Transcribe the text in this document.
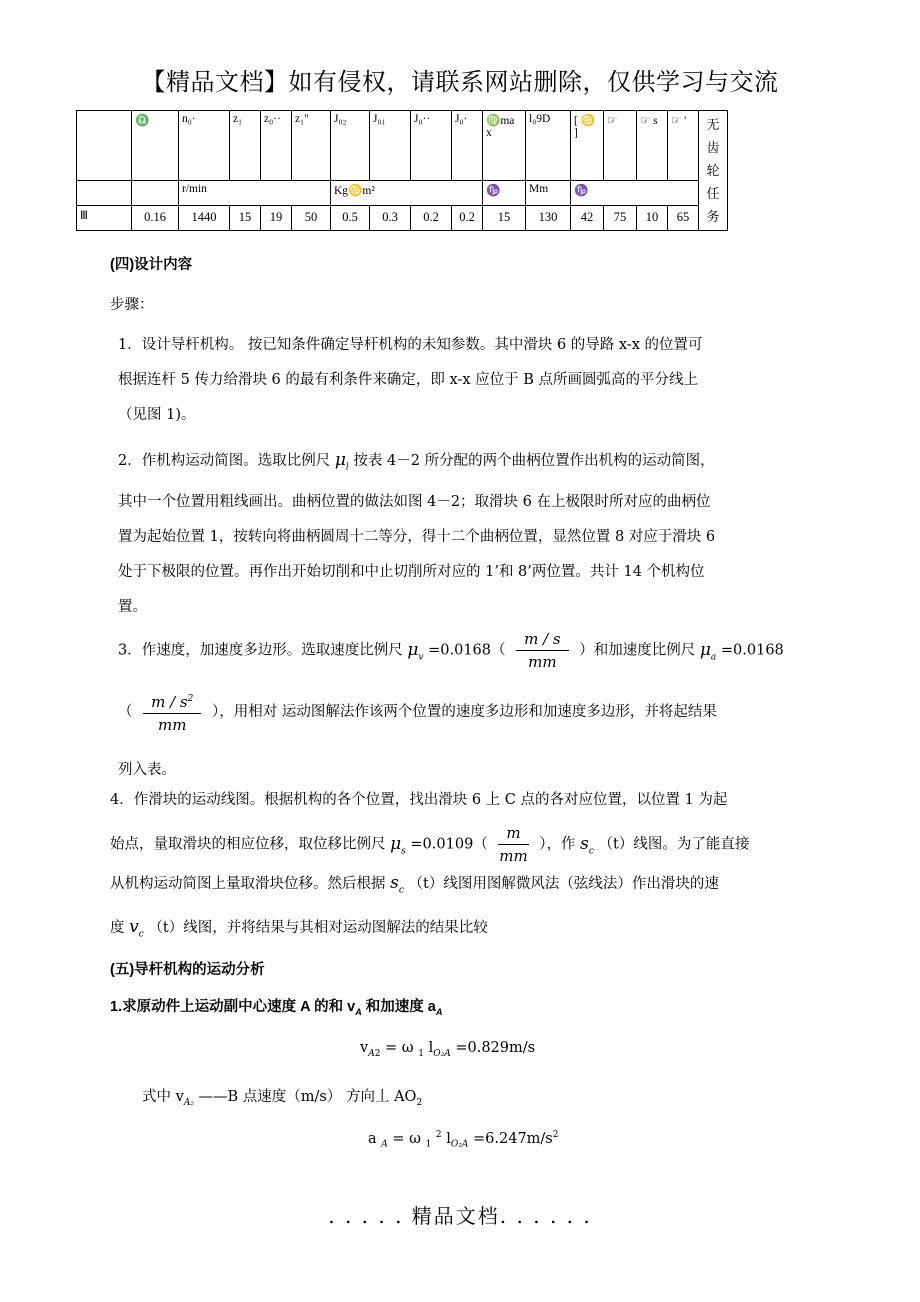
【精品文档】如有侵权，请联系网站删除，仅供学习与交流
	♎	n₀·	z₁	z₀··	z₁"	J₀₂	J₀₁	J₀··	J₀·	♍ma x	l₀9D	[ ♋ ]	☞	☞ s	☞ '	无齿轮任务
		r/min				Kg♋m²				♑	Mm	♑				
Ⅲ	0.16	1440	15	19	50	0.5	0.3	0.2	0.2	15	130	42	75	10	65	
(四)设计内容
步骤：
1．设计导杆机构。 按已知条件确定导杆机构的未知参数。其中滑块 6 的导路 x-x 的位置可
根据连杆 5 传力给滑块 6 的最有利条件来确定，即 x-x 应位于 B 点所画圆弧高的平分线上
（见图 1)。
2．作机构运动简图。选取比例尺 $\mu_l$ 按表 4－2 所分配的两个曲柄位置作出机构的运动简图，
其中一个位置用粗线画出。曲柄位置的做法如图 4－2；取滑块 6 在上极限时所对应的曲柄位
置为起始位置 1，按转向将曲柄圆周十二等分，得十二个曲柄位置，显然位置 8 对应于滑块 6
处于下极限的位置。再作出开始切削和中止切削所对应的 1’和 8’两位置。共计 14 个机构位
置。
3．作速度，加速度多边形。选取速度比例尺 $\mu_v =0.0168( \frac{m / s}{mm}$ ）和加速度比例尺 $\mu_a =0.0168$
（ $\frac{m / s^2}{mm}$ ），用相对 运动图解法作该两个位置的速度多边形和加速度多边形，并将起结果
列入表。
4．作滑块的运动线图。根据机构的各个位置，找出滑块 6 上 C 点的各对应位置，以位置 1 为起
始点，量取滑块的相应位移，取位移比例尺 $\mu_s =0.0109( \frac{m}{mm}$ ），作 $s_c$ （t）线图。为了能直接
从机构运动简图上量取滑块位移。然后根据 $s_c$ （t）线图用图解微风法（弦线法）作出滑块的速
度 $v_c$ （t）线图，并将结果与其相对运动图解法的结果比较
(五)导杆机构的运动分析
1.求原动件上运动副中心速度 A 的和 $v_A$ 和加速度 $a_A$
$v_{A2} = \omega$ $_1$ $l_{O_2A} =0.829m/s$
式中 $v_{A_2}$ ——B 点速度（m/s） 方向丄 $AO_2$
a $_A$ = ω $_1$ $^2$ $l_{O_2A} =6.247m/s^2$
. . . . . 精品文档. . . . . .
